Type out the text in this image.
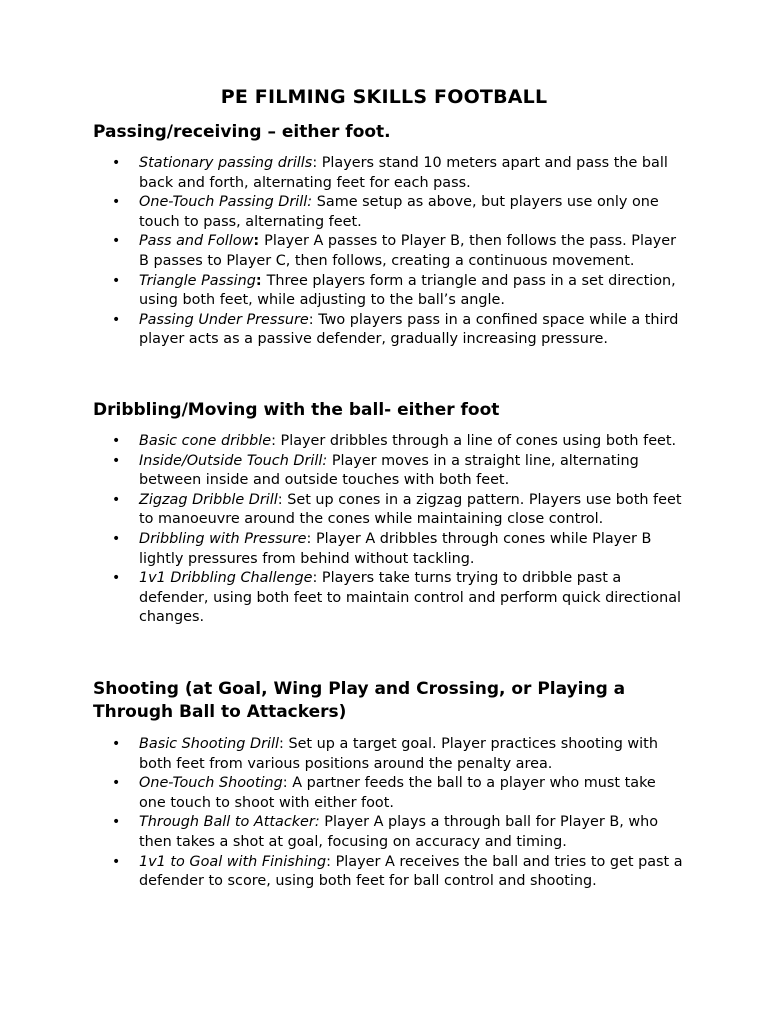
PE FILMING SKILLS FOOTBALL
Passing/receiving – either foot.
• Stationary passing drills: Players stand 10 meters apart and pass the ball back and forth, alternating feet for each pass.
• One-Touch Passing Drill: Same setup as above, but players use only one touch to pass, alternating feet.
• Pass and Follow: Player A passes to Player B, then follows the pass. Player B passes to Player C, then follows, creating a continuous movement.
• Triangle Passing: Three players form a triangle and pass in a set direction, using both feet, while adjusting to the ball’s angle.
• Passing Under Pressure: Two players pass in a confined space while a third player acts as a passive defender, gradually increasing pressure.
Dribbling/Moving with the ball- either foot
• Basic cone dribble: Player dribbles through a line of cones using both feet.
• Inside/Outside Touch Drill: Player moves in a straight line, alternating between inside and outside touches with both feet.
• Zigzag Dribble Drill: Set up cones in a zigzag pattern. Players use both feet to manoeuvre around the cones while maintaining close control.
• Dribbling with Pressure: Player A dribbles through cones while Player B lightly pressures from behind without tackling.
• 1v1 Dribbling Challenge: Players take turns trying to dribble past a defender, using both feet to maintain control and perform quick directional changes.
Shooting (at Goal, Wing Play and Crossing, or Playing a Through Ball to Attackers)
• Basic Shooting Drill: Set up a target goal. Player practices shooting with both feet from various positions around the penalty area.
• One-Touch Shooting: A partner feeds the ball to a player who must take one touch to shoot with either foot.
• Through Ball to Attacker: Player A plays a through ball for Player B, who then takes a shot at goal, focusing on accuracy and timing.
• 1v1 to Goal with Finishing: Player A receives the ball and tries to get past a defender to score, using both feet for ball control and shooting.
